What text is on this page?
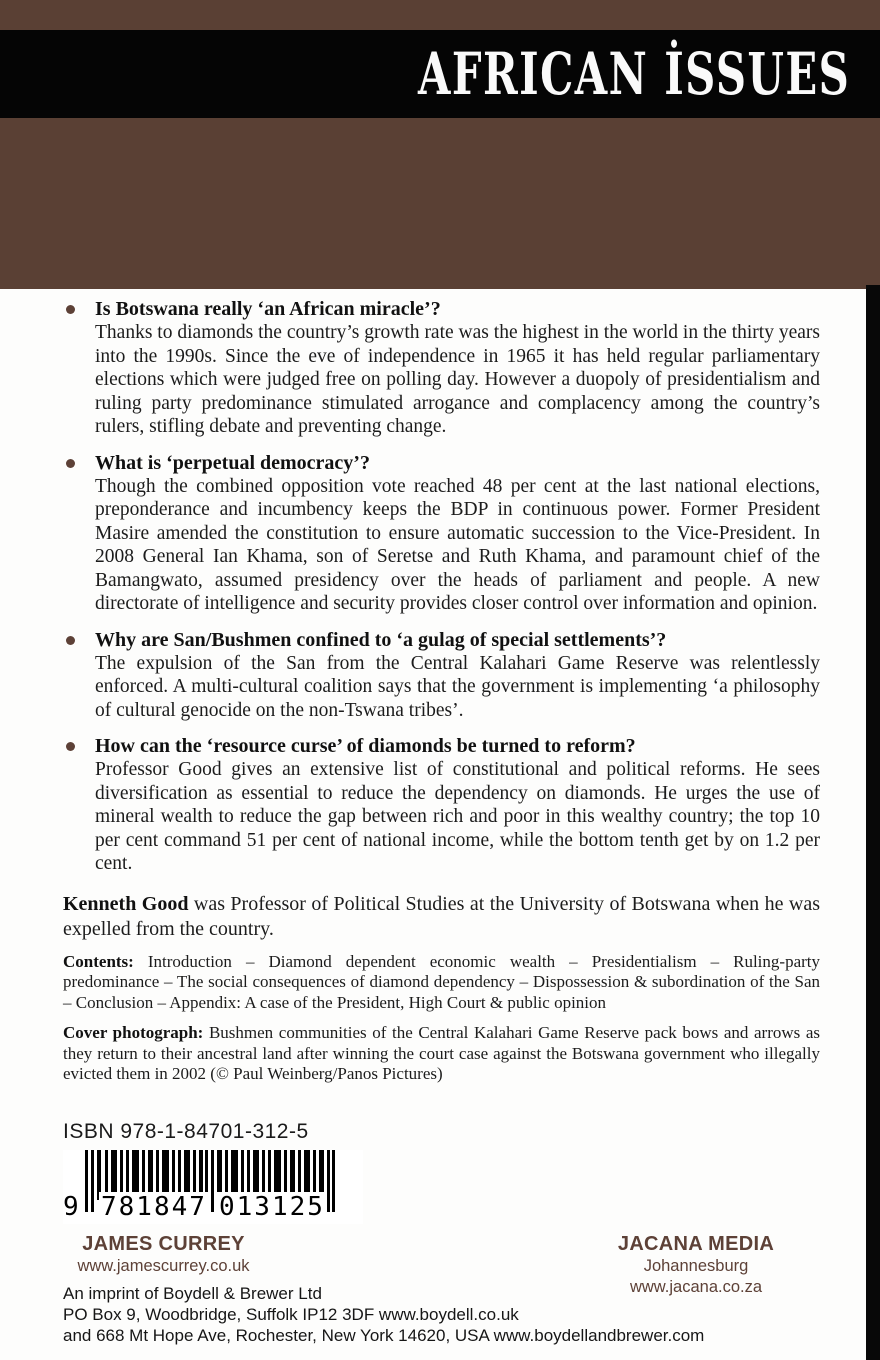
AFRICAN İSSUES
Is Botswana really ‘an African miracle’?
Thanks to diamonds the country’s growth rate was the highest in the world in the thirty years into the 1990s. Since the eve of independence in 1965 it has held regular parliamentary elections which were judged free on polling day. However a duopoly of presidentialism and ruling party predominance stimulated arrogance and complacency among the country’s rulers, stifling debate and preventing change.
What is ‘perpetual democracy’?
Though the combined opposition vote reached 48 per cent at the last national elections, preponderance and incumbency keeps the BDP in continuous power. Former President Masire amended the constitution to ensure automatic succession to the Vice-President. In 2008 General Ian Khama, son of Seretse and Ruth Khama, and paramount chief of the Bamangwato, assumed presidency over the heads of parliament and people. A new directorate of intelligence and security provides closer control over information and opinion.
Why are San/Bushmen confined to ‘a gulag of special settlements’?
The expulsion of the San from the Central Kalahari Game Reserve was relentlessly enforced. A multi-cultural coalition says that the government is implementing ‘a philosophy of cultural genocide on the non-Tswana tribes’.
How can the ‘resource curse’ of diamonds be turned to reform?
Professor Good gives an extensive list of constitutional and political reforms. He sees diversification as essential to reduce the dependency on diamonds. He urges the use of mineral wealth to reduce the gap between rich and poor in this wealthy country; the top 10 per cent command 51 per cent of national income, while the bottom tenth get by on 1.2 per cent.

Kenneth Good was Professor of Political Studies at the University of Botswana when he was expelled from the country.

Contents: Introduction – Diamond dependent economic wealth – Presidentialism – Ruling-party predominance – The social consequences of diamond dependency – Dispossession & subordination of the San – Conclusion – Appendix: A case of the President, High Court & public opinion

Cover photograph: Bushmen communities of the Central Kalahari Game Reserve pack bows and arrows as they return to their ancestral land after winning the court case against the Botswana government who illegally evicted them in 2002 (© Paul Weinberg/Panos Pictures)

ISBN 978-1-84701-312-5
9 781847 013125
JAMES CURREY
www.jamescurrey.co.uk
JACANA MEDIA
Johannesburg
www.jacana.co.za
An imprint of Boydell & Brewer Ltd
PO Box 9, Woodbridge, Suffolk IP12 3DF www.boydell.co.uk
and 668 Mt Hope Ave, Rochester, New York 14620, USA www.boydellandbrewer.com
